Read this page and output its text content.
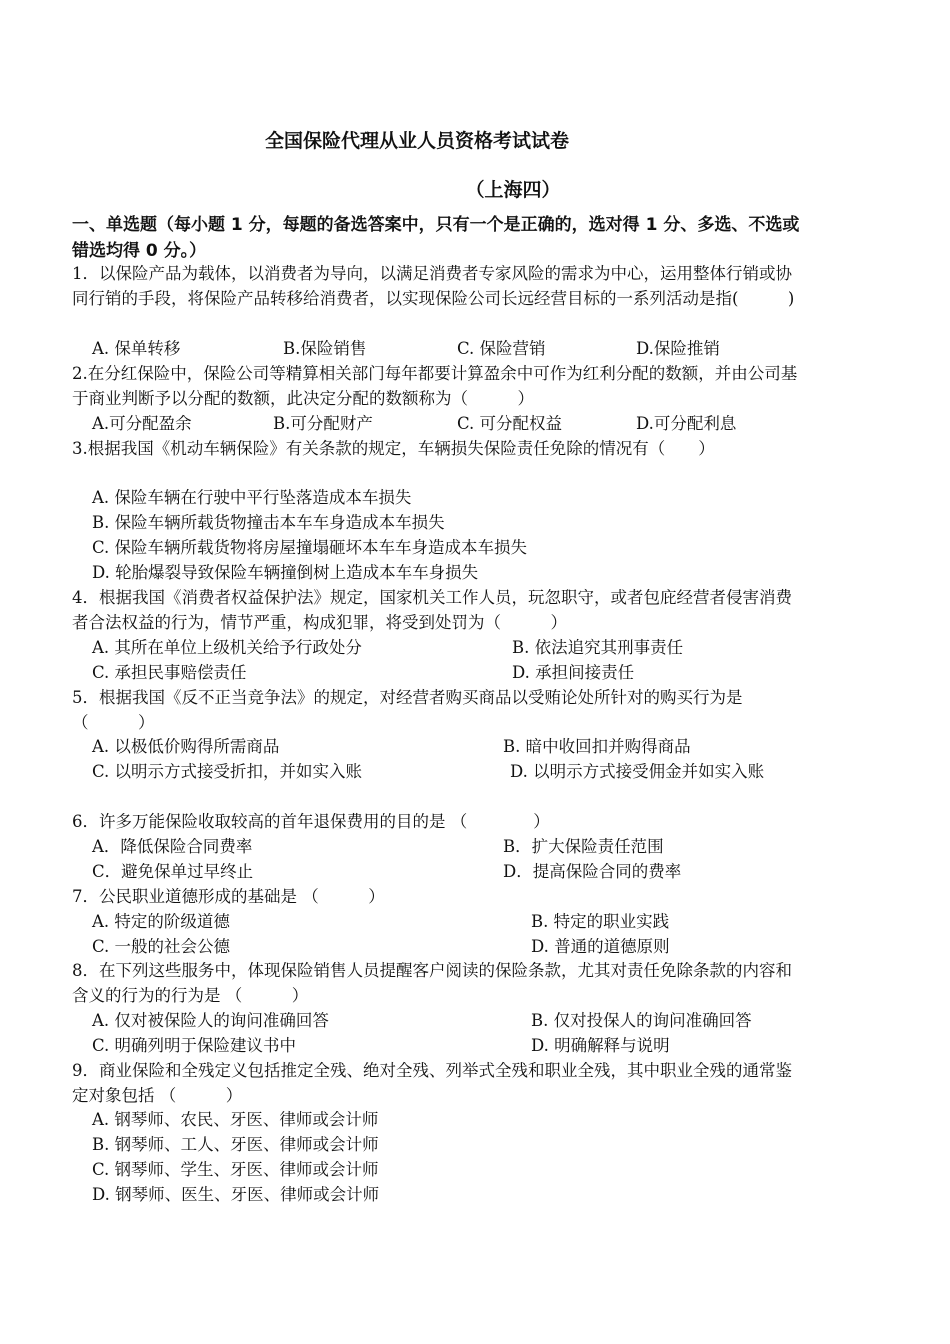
全国保险代理从业人员资格考试试卷
（上海四）
一、单选题（每小题 1 分，每题的备选答案中，只有一个是正确的，选对得 1 分、多选、不选或错选均得 0 分。）
1．以保险产品为载体，以消费者为导向，以满足消费者专家风险的需求为中心，运用整体行销或协同行销的手段，将保险产品转移给消费者，以实现保险公司长远经营目标的一系列活动是指(　　　)
A. 保单转移	B.保险销售	C. 保险营销	D.保险推销
2.在分红保险中，保险公司等精算相关部门每年都要计算盈余中可作为红利分配的数额，并由公司基于商业判断予以分配的数额，此决定分配的数额称为（　　　）
A.可分配盈余	B.可分配财产	C. 可分配权益	D.可分配利息
3.根据我国《机动车辆保险》有关条款的规定，车辆损失保险责任免除的情况有（　　）
A. 保险车辆在行驶中平行坠落造成本车损失
B. 保险车辆所载货物撞击本车车身造成本车损失
C. 保险车辆所载货物将房屋撞塌砸坏本车车身造成本车损失
D. 轮胎爆裂导致保险车辆撞倒树上造成本车车身损失
4．根据我国《消费者权益保护法》规定，国家机关工作人员，玩忽职守，或者包庇经营者侵害消费者合法权益的行为，情节严重，构成犯罪，将受到处罚为（　　　）
A. 其所在单位上级机关给予行政处分	B. 依法追究其刑事责任
C. 承担民事赔偿责任	D. 承担间接责任
5．根据我国《反不正当竞争法》的规定，对经营者购买商品以受贿论处所针对的购买行为是 （　　　）
A. 以极低价购得所需商品	B. 暗中收回扣并购得商品
C. 以明示方式接受折扣，并如实入账	D. 以明示方式接受佣金并如实入账
6．许多万能保险收取较高的首年退保费用的目的是 （　　　　）
A．降低保险合同费率	B．扩大保险责任范围
C．避免保单过早终止	D．提高保险合同的费率
7．公民职业道德形成的基础是 （　　　）
A. 特定的阶级道德	B. 特定的职业实践
C. 一般的社会公德	D. 普通的道德原则
8．在下列这些服务中，体现保险销售人员提醒客户阅读的保险条款，尤其对责任免除条款的内容和含义的行为的行为是 （　　　）
A. 仅对被保险人的询问准确回答	B. 仅对投保人的询问准确回答
C. 明确列明于保险建议书中	D. 明确解释与说明
9．商业保险和全残定义包括推定全残、绝对全残、列举式全残和职业全残，其中职业全残的通常鉴定对象包括 （　　　）
A. 钢琴师、农民、牙医、律师或会计师
B. 钢琴师、工人、牙医、律师或会计师
C. 钢琴师、学生、牙医、律师或会计师
D. 钢琴师、医生、牙医、律师或会计师
